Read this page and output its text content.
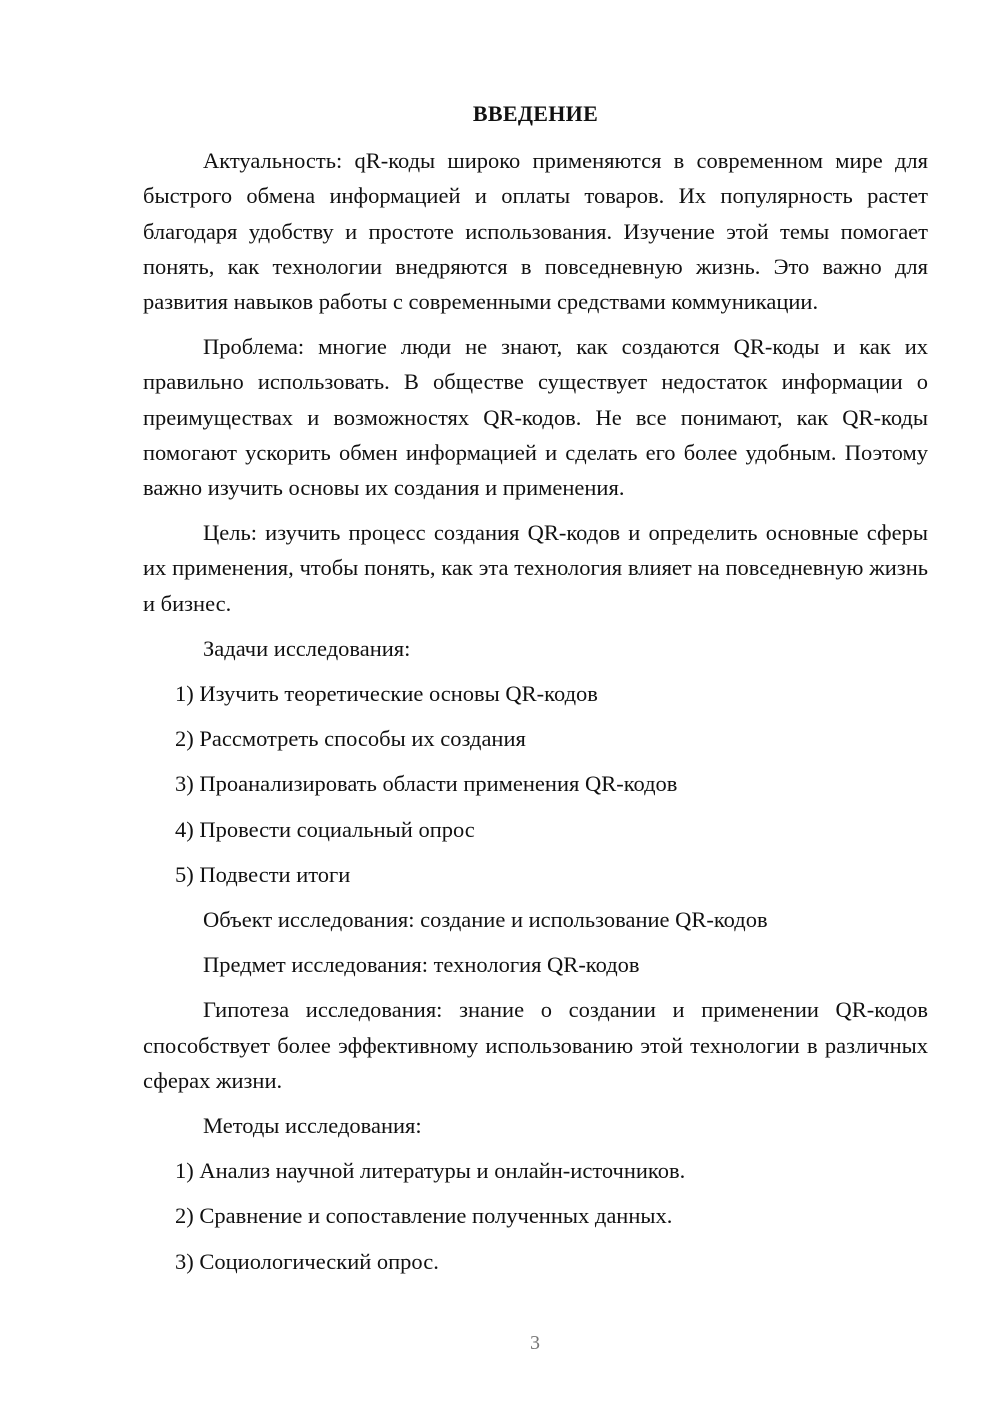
ВВЕДЕНИЕ

Актуальность: qR-коды широко применяются в современном мире для быстрого обмена информацией и оплаты товаров. Их популярность растет благодаря удобству и простоте использования. Изучение этой темы помогает понять, как технологии внедряются в повседневную жизнь. Это важно для развития навыков работы с современными средствами коммуникации.

Проблема: многие люди не знают, как создаются QR-коды и как их правильно использовать. В обществе существует недостаток информации о преимуществах и возможностях QR-кодов. Не все понимают, как QR-коды помогают ускорить обмен информацией и сделать его более удобным. Поэтому важно изучить основы их создания и применения.

Цель: изучить процесс создания QR-кодов и определить основные сферы их применения, чтобы понять, как эта технология влияет на повседневную жизнь и бизнес.

Задачи исследования:
1) Изучить теоретические основы QR-кодов
2) Рассмотреть способы их создания
3) Проанализировать области применения QR-кодов
4) Провести социальный опрос
5) Подвести итоги
Объект исследования: создание и использование QR-кодов
Предмет исследования: технология QR-кодов

Гипотеза исследования: знание о создании и применении QR-кодов способствует более эффективному использованию этой технологии в различных сферах жизни.

Методы исследования:
1) Анализ научной литературы и онлайн-источников.
2) Сравнение и сопоставление полученных данных.
3) Социологический опрос.
3
